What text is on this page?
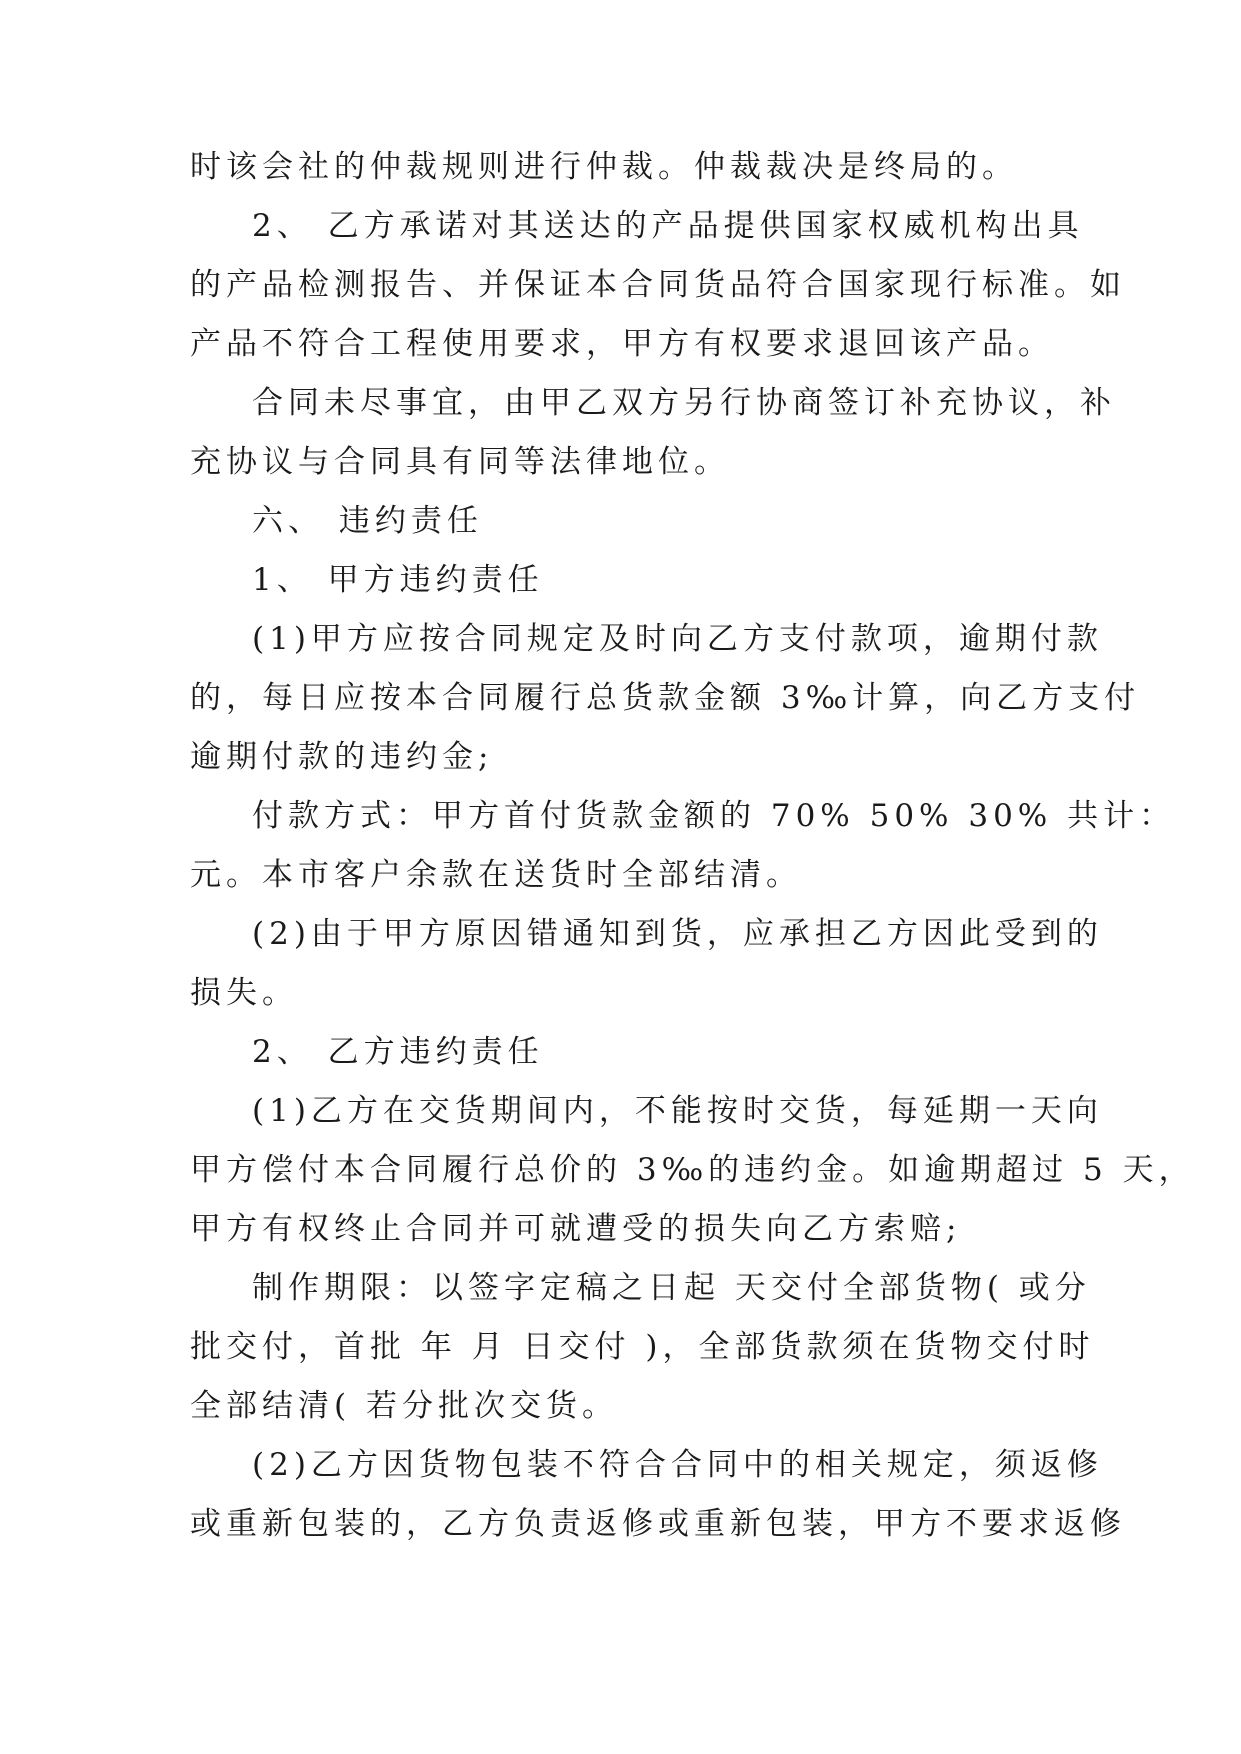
时该会社的仲裁规则进行仲裁。仲裁裁决是终局的。
2、 乙方承诺对其送达的产品提供国家权威机构出具
的产品检测报告、并保证本合同货品符合国家现行标准。如
产品不符合工程使用要求，甲方有权要求退回该产品。
合同未尽事宜，由甲乙双方另行协商签订补充协议，补
充协议与合同具有同等法律地位。
六、 违约责任
1、 甲方违约责任
(1)甲方应按合同规定及时向乙方支付款项，逾期付款
的，每日应按本合同履行总货款金额 3‰计算，向乙方支付
逾期付款的违约金;
付款方式：甲方首付货款金额的 70% 50% 30% 共计：
元。本市客户余款在送货时全部结清。
(2)由于甲方原因错通知到货，应承担乙方因此受到的
损失。
2、 乙方违约责任
(1)乙方在交货期间内，不能按时交货，每延期一天向
甲方偿付本合同履行总价的 3‰的违约金。如逾期超过 5 天，
甲方有权终止合同并可就遭受的损失向乙方索赔;
制作期限：以签字定稿之日起 天交付全部货物( 或分
批交付，首批 年 月 日交付 )，全部货款须在货物交付时
全部结清( 若分批次交货。
(2)乙方因货物包装不符合合同中的相关规定，须返修
或重新包装的，乙方负责返修或重新包装，甲方不要求返修
